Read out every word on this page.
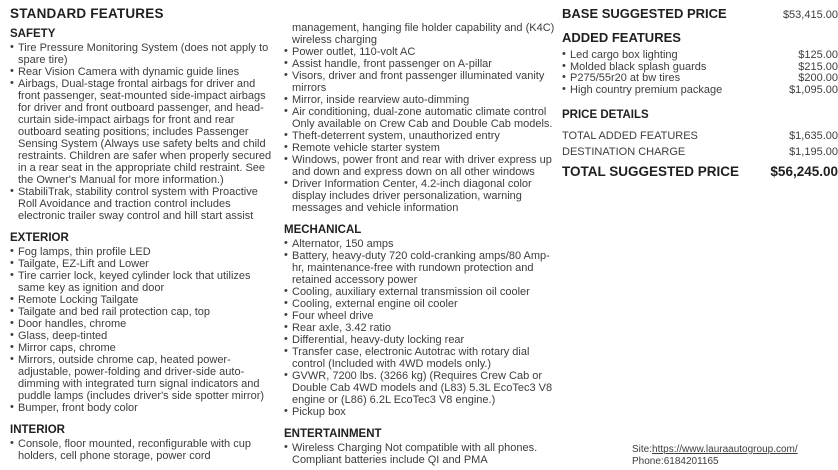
STANDARD FEATURES
SAFETY
• Tire Pressure Monitoring System (does not apply to spare tire)
• Rear Vision Camera with dynamic guide lines
• Airbags, Dual-stage frontal airbags for driver and front passenger, seat-mounted side-impact airbags for driver and front outboard passenger, and head-curtain side-impact airbags for front and rear outboard seating positions; includes Passenger Sensing System (Always use safety belts and child restraints. Children are safer when properly secured in a rear seat in the appropriate child restraint. See the Owner's Manual for more information.)
• StabiliTrak, stability control system with Proactive Roll Avoidance and traction control includes electronic trailer sway control and hill start assist
EXTERIOR
• Fog lamps, thin profile LED
• Tailgate, EZ-Lift and Lower
• Tire carrier lock, keyed cylinder lock that utilizes same key as ignition and door
• Remote Locking Tailgate
• Tailgate and bed rail protection cap, top
• Door handles, chrome
• Glass, deep-tinted
• Mirror caps, chrome
• Mirrors, outside chrome cap, heated power-adjustable, power-folding and driver-side auto-dimming with integrated turn signal indicators and puddle lamps (includes driver's side spotter mirror)
• Bumper, front body color
INTERIOR
• Console, floor mounted, reconfigurable with cup holders, cell phone storage, power cord
management, hanging file holder capability and (K4C) wireless charging
• Power outlet, 110-volt AC
• Assist handle, front passenger on A-pillar
• Visors, driver and front passenger illuminated vanity mirrors
• Mirror, inside rearview auto-dimming
• Air conditioning, dual-zone automatic climate control Only available on Crew Cab and Double Cab models.
• Theft-deterrent system, unauthorized entry
• Remote vehicle starter system
• Windows, power front and rear with driver express up and down and express down on all other windows
• Driver Information Center, 4.2-inch diagonal color display includes driver personalization, warning messages and vehicle information
MECHANICAL
• Alternator, 150 amps
• Battery, heavy-duty 720 cold-cranking amps/80 Amp-hr, maintenance-free with rundown protection and retained accessory power
• Cooling, auxiliary external transmission oil cooler
• Cooling, external engine oil cooler
• Four wheel drive
• Rear axle, 3.42 ratio
• Differential, heavy-duty locking rear
• Transfer case, electronic Autotrac with rotary dial control (Included with 4WD models only.)
• GVWR, 7200 lbs. (3266 kg) (Requires Crew Cab or Double Cab 4WD models and (L83) 5.3L EcoTec3 V8 engine or (L86) 6.2L EcoTec3 V8 engine.)
• Pickup box
ENTERTAINMENT
• Wireless Charging Not compatible with all phones. Compliant batteries include QI and PMA
BASE SUGGESTED PRICE	$53,415.00
ADDED FEATURES
• Led cargo box lighting	$125.00
• Molded black splash guards	$215.00
• P275/55r20 at bw tires	$200.00
• High country premium package	$1,095.00
PRICE DETAILS
TOTAL ADDED FEATURES	$1,635.00
DESTINATION CHARGE	$1,195.00
TOTAL SUGGESTED PRICE $56,245.00
Site:https://www.lauraautogroup.com/
Phone:6184201165
